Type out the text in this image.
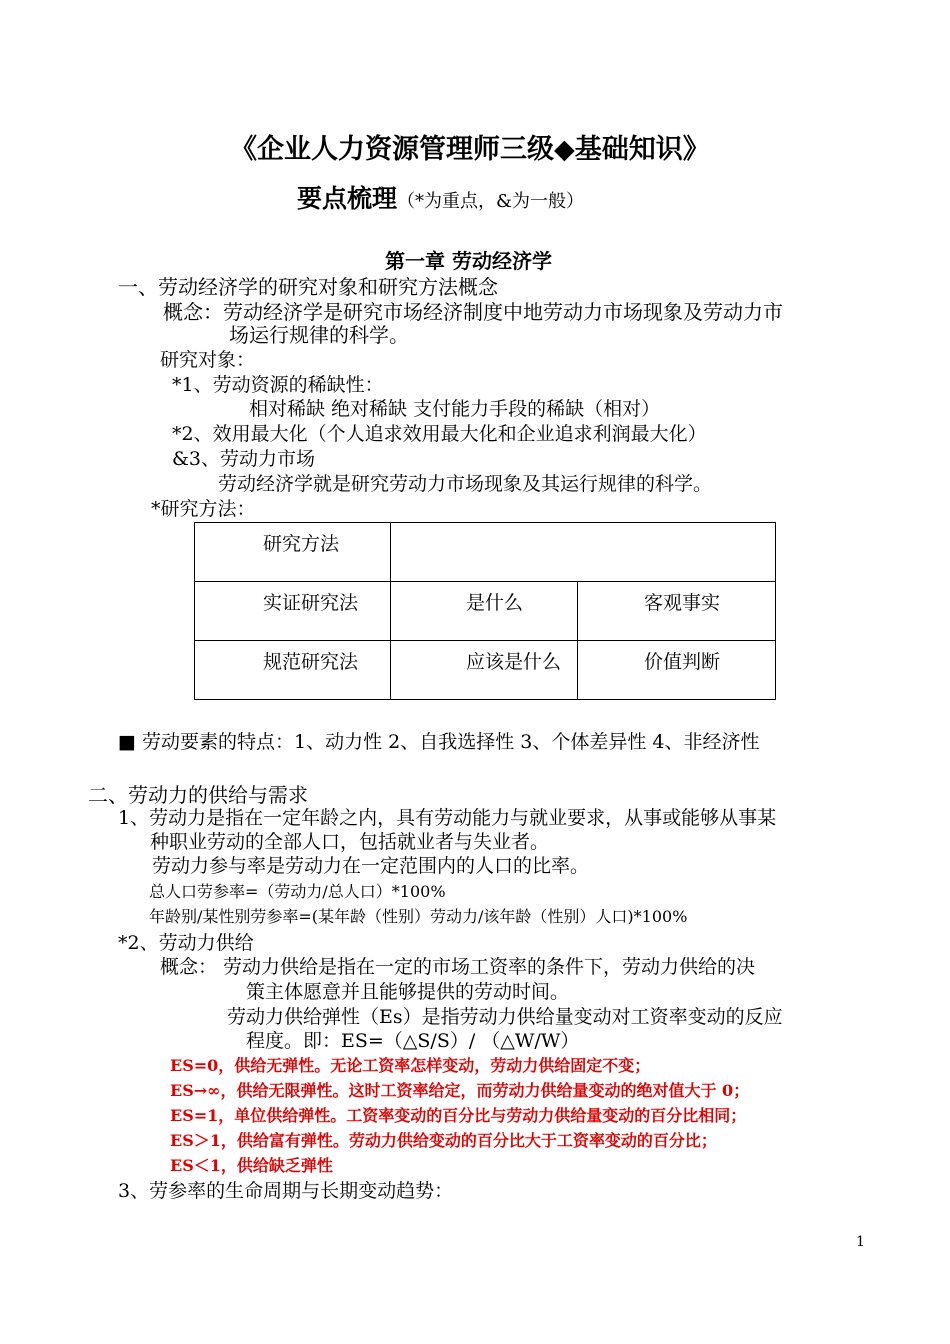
《企业人力资源管理师三级◆基础知识》
要点梳理（*为重点，&为一般）
第一章 劳动经济学
一、劳动经济学的研究对象和研究方法概念
概念：劳动经济学是研究市场经济制度中地劳动力市场现象及劳动力市
场运行规律的科学。
研究对象：
*1、劳动资源的稀缺性：
相对稀缺 绝对稀缺 支付能力手段的稀缺（相对）
*2、效用最大化（个人追求效用最大化和企业追求利润最大化）
&3、劳动力市场
劳动经济学就是研究劳动力市场现象及其运行规律的科学。
*研究方法：
研究方法		
实证研究法	是什么	客观事实
规范研究法	应该是什么	价值判断
■ 劳动要素的特点：1、动力性 2、自我选择性 3、个体差异性 4、非经济性
二、劳动力的供给与需求
1、劳动力是指在一定年龄之内，具有劳动能力与就业要求，从事或能够从事某
种职业劳动的全部人口，包括就业者与失业者。
劳动力参与率是劳动力在一定范围内的人口的比率。
总人口劳参率=（劳动力/总人口）*100%
年龄别/某性别劳参率=(某年龄（性别）劳动力/该年龄（性别）人口)*100%
*2、劳动力供给
概念： 劳动力供给是指在一定的市场工资率的条件下，劳动力供给的决
策主体愿意并且能够提供的劳动时间。
劳动力供给弹性（Es）是指劳动力供给量变动对工资率变动的反应
程度。即：ES=（△S/S）/ （△W/W）
ES=0，供给无弹性。无论工资率怎样变动，劳动力供给固定不变；
ES→∞，供给无限弹性。这时工资率给定，而劳动力供给量变动的绝对值大于 0；
ES=1，单位供给弹性。工资率变动的百分比与劳动力供给量变动的百分比相同；
ES＞1，供给富有弹性。劳动力供给变动的百分比大于工资率变动的百分比；
ES＜1，供给缺乏弹性
3、劳参率的生命周期与长期变动趋势：
1
